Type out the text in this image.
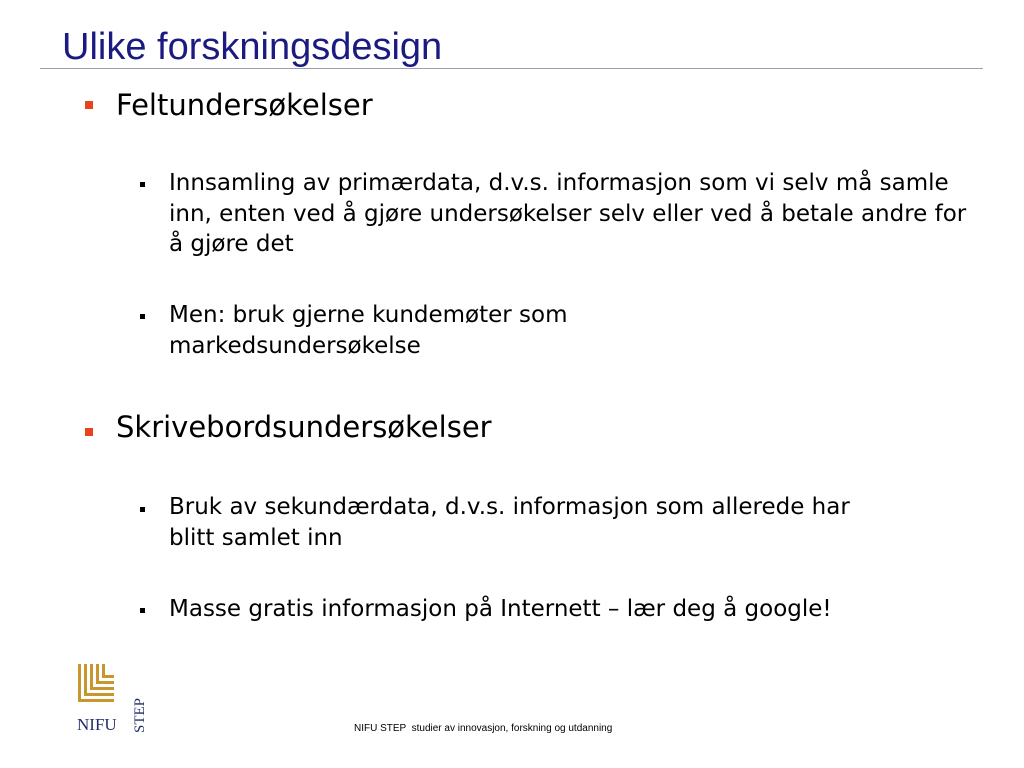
Ulike forskningsdesign
Feltundersøkelser
Innsamling av primærdata, d.v.s. informasjon som vi selv må samle inn, enten ved å gjøre undersøkelser selv eller ved å betale andre for å gjøre det
Men: bruk gjerne kundemøter som markedsundersøkelse
Skrivebordsundersøkelser
Bruk av sekundærdata, d.v.s. informasjon som allerede har blitt samlet inn
Masse gratis informasjon på Internett – lær deg å google!
NIFU STEP	NIFU STEP  studier av innovasjon, forskning og utdanning
